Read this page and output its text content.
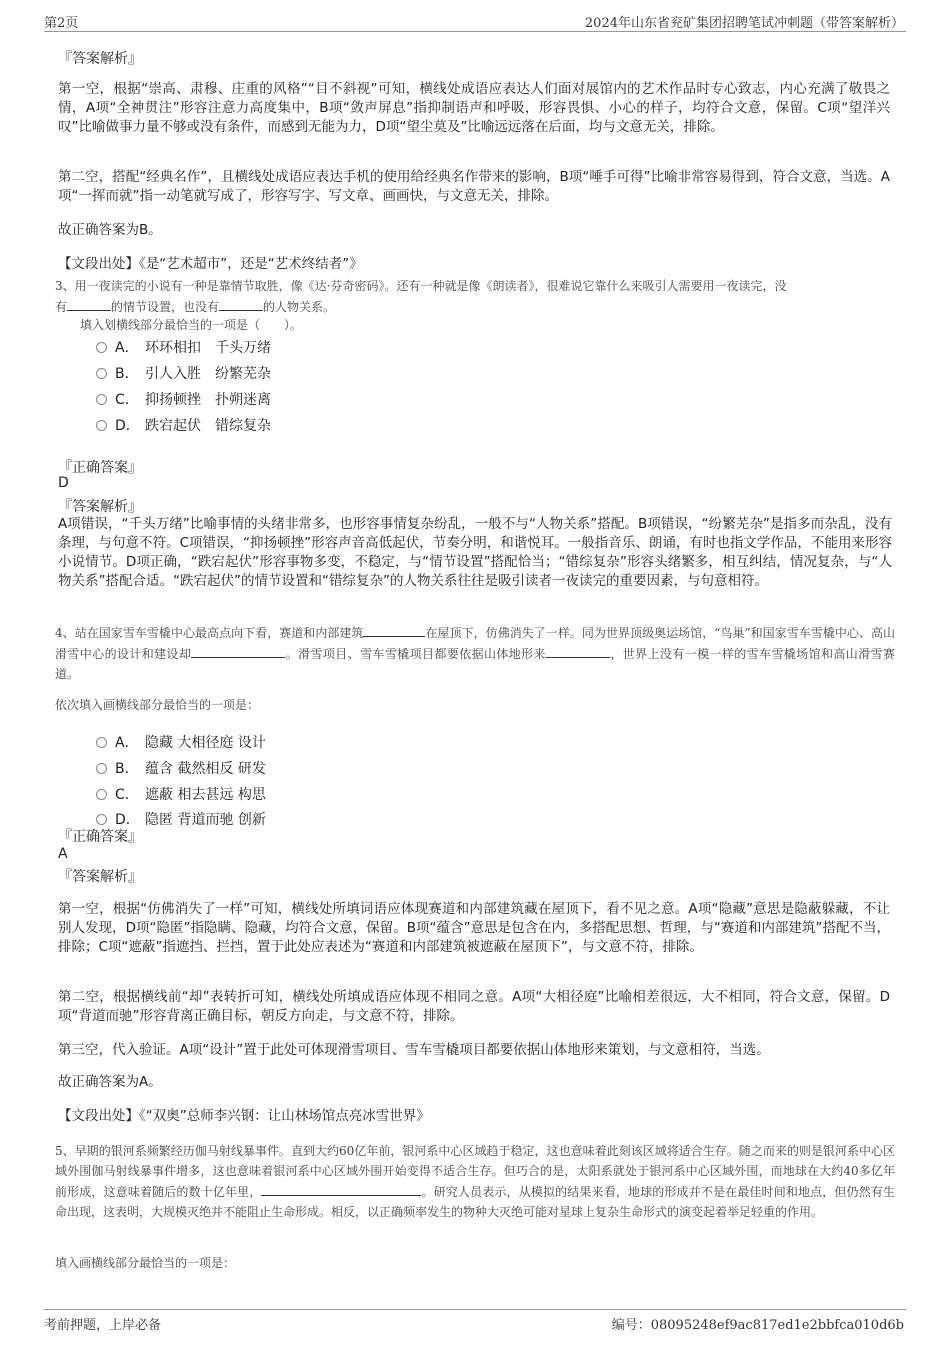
第2页	2024年山东省兖矿集团招聘笔试冲刺题（带答案解析）
『答案解析』

第一空，根据“崇高、肃穆、庄重的风格”“目不斜视”可知，横线处成语应表达人们面对展馆内的艺术作品时专心致志，内心充满了敬畏之情，A项“全神贯注”形容注意力高度集中，B项“敛声屏息”指抑制语声和呼吸，形容畏惧、小心的样子，均符合文意，保留。C项“望洋兴叹”比喻做事力量不够或没有条件，而感到无能为力，D项“望尘莫及”比喻远远落在后面，均与文意无关，排除。

第二空，搭配“经典名作”，且横线处成语应表达手机的使用给经典名作带来的影响，B项“唾手可得”比喻非常容易得到，符合文意，当选。A项“一挥而就”指一动笔就写成了，形容写字、写文章、画画快，与文意无关，排除。

故正确答案为B。
【文段出处】《是“艺术超市”，还是“艺术终结者”》
3、用一夜读完的小说有一种是靠情节取胜，像《达·芬奇密码》。还有一种就是像《朗读者》，很难说它靠什么来吸引人需要用一夜读完，没
有	的情节设置，也没有	的人物关系。
填入划横线部分最恰当的一项是（　　）。
A． 环环相扣　千头万绪
B． 引人入胜　纷繁芜杂
C． 抑扬顿挫　扑朔迷离
D． 跌宕起伏　错综复杂
『正确答案』
D
『答案解析』

A项错误，“千头万绪”比喻事情的头绪非常多，也形容事情复杂纷乱，一般不与“人物关系”搭配。B项错误，“纷繁芜杂”是指多而杂乱，没有条理，与句意不符。C项错误，“抑扬顿挫”形容声音高低起伏，节奏分明，和谐悦耳。一般指音乐、朗诵，有时也指文学作品，不能用来形容小说情节。D项正确，“跌宕起伏”形容事物多变，不稳定，与“情节设置”搭配恰当；“错综复杂”形容头绪繁多，相互纠结，情况复杂，与“人物关系”搭配合适。“跌宕起伏”的情节设置和“错综复杂”的人物关系往往是吸引读者一夜读完的重要因素，与句意相符。

4、站在国家雪车雪橇中心最高点向下看，赛道和内部建筑	在屋顶下，仿佛消失了一样。同为世界顶级奥运场馆，“鸟巢”和国家雪车雪橇中心、高山滑雪中心的设计和建设却	。滑雪项目、雪车雪橇项目都要依据山体地形来	，世界上没有一模一样的雪车雪橇场馆和高山滑雪赛道。
依次填入画横线部分最恰当的一项是：
A． 隐藏 大相径庭 设计
B． 蕴含 截然相反 研发
C． 遮蔽 相去甚远 构思
D． 隐匿 背道而驰 创新
『正确答案』
A
『答案解析』

第一空，根据“仿佛消失了一样”可知，横线处所填词语应体现赛道和内部建筑藏在屋顶下，看不见之意。A项“隐藏”意思是隐蔽躲藏，不让别人发现，D项“隐匿”指隐瞒、隐藏，均符合文意，保留。B项“蕴含”意思是包含在内，多搭配思想、哲理，与“赛道和内部建筑”搭配不当，排除；C项“遮蔽”指遮挡、拦挡，置于此处应表述为“赛道和内部建筑被遮蔽在屋顶下”，与文意不符，排除。

第二空，根据横线前“却”表转折可知，横线处所填成语应体现不相同之意。A项“大相径庭”比喻相差很远，大不相同，符合文意，保留。D项“背道而驰”形容背离正确目标，朝反方向走，与文意不符，排除。

第三空，代入验证。A项“设计”置于此处可体现滑雪项目、雪车雪橇项目都要依据山体地形来策划，与文意相符，当选。

故正确答案为A。
【文段出处】《“双奥”总师李兴钢：让山林场馆点亮冰雪世界》
5、早期的银河系频繁经历伽马射线暴事件。直到大约60亿年前，银河系中心区域趋于稳定，这也意味着此刻该区域将适合生存。随之而来的则是银河系中心区域外围伽马射线暴事件增多，这也意味着银河系中心区域外围开始变得不适合生存。但巧合的是，太阳系就处于银河系中心区域外围，而地球在大约40多亿年前形成，这意味着随后的数十亿年里，	。研究人员表示，从模拟的结果来看，地球的形成并不是在最佳时间和地点，但仍然有生命出现，这表明，大规模灭绝并不能阻止生命形成。相反，以正确频率发生的物种大灭绝可能对星球上复杂生命形式的演变起着举足轻重的作用。
填入画横线部分最恰当的一项是：
考前押题，上岸必备	编号：08095248ef9ac817ed1e2bbfca010d6b
